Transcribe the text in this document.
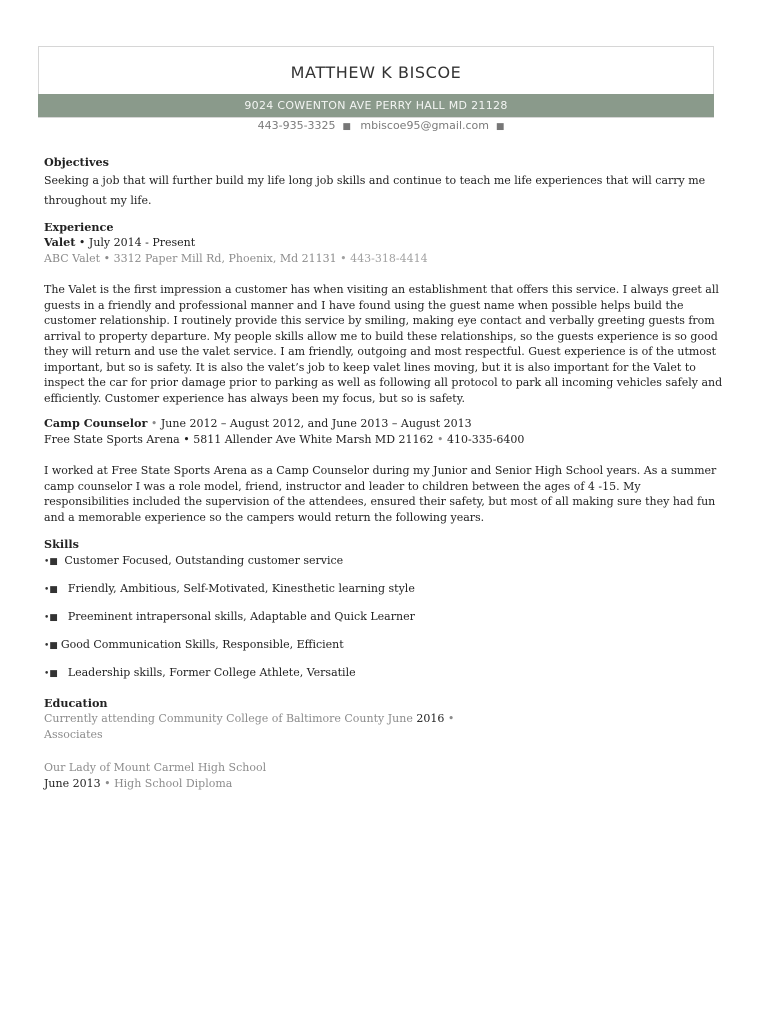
MATTHEW K BISCOE
9024 COWENTON AVE PERRY HALL MD 21128
443-935-3325 ■ mbiscoe95@gmail.com ■
Objectives

Seeking a job that will further build my life long job skills and continue to teach me life experiences that will carry me throughout my life.

Experience
Valet • July 2014 - Present
ABC Valet • 3312 Paper Mill Rd, Phoenix, Md 21131 • 443-318-4414

The Valet is the first impression a customer has when visiting an establishment that offers this service. I always greet all guests in a friendly and professional manner and I have found using the guest name when possible helps build the customer relationship. I routinely provide this service by smiling, making eye contact and verbally greeting guests from arrival to property departure. My people skills allow me to build these relationships, so the guests experience is so good they will return and use the valet service. I am friendly, outgoing and most respectful. Guest experience is of the utmost important, but so is safety. It is also the valet’s job to keep valet lines moving, but it is also important for the Valet to inspect the car for prior damage prior to parking as well as following all protocol to park all incoming vehicles safely and efficiently. Customer experience has always been my focus, but so is safety.

Camp Counselor • June 2012 – August 2012, and June 2013 – August 2013
Free State Sports Arena • 5811 Allender Ave White Marsh MD 21162 • 410-335-6400

I worked at Free State Sports Arena as a Camp Counselor during my Junior and Senior High School years. As a summer camp counselor I was a role model, friend, instructor and leader to children between the ages of 4 -15. My responsibilities included the supervision of the attendees, ensured their safety, but most of all making sure they had fun and a memorable experience so the campers would return the following years.

Skills
•■ Customer Focused, Outstanding customer service
•■ Friendly, Ambitious, Self-Motivated, Kinesthetic learning style
•■ Preeminent intrapersonal skills, Adaptable and Quick Learner
•■ Good Communication Skills, Responsible, Efficient
•■ Leadership skills, Former College Athlete, Versatile
Education
Currently attending Community College of Baltimore County June 2016 •
Associates
Our Lady of Mount Carmel High School
June 2013 • High School Diploma
